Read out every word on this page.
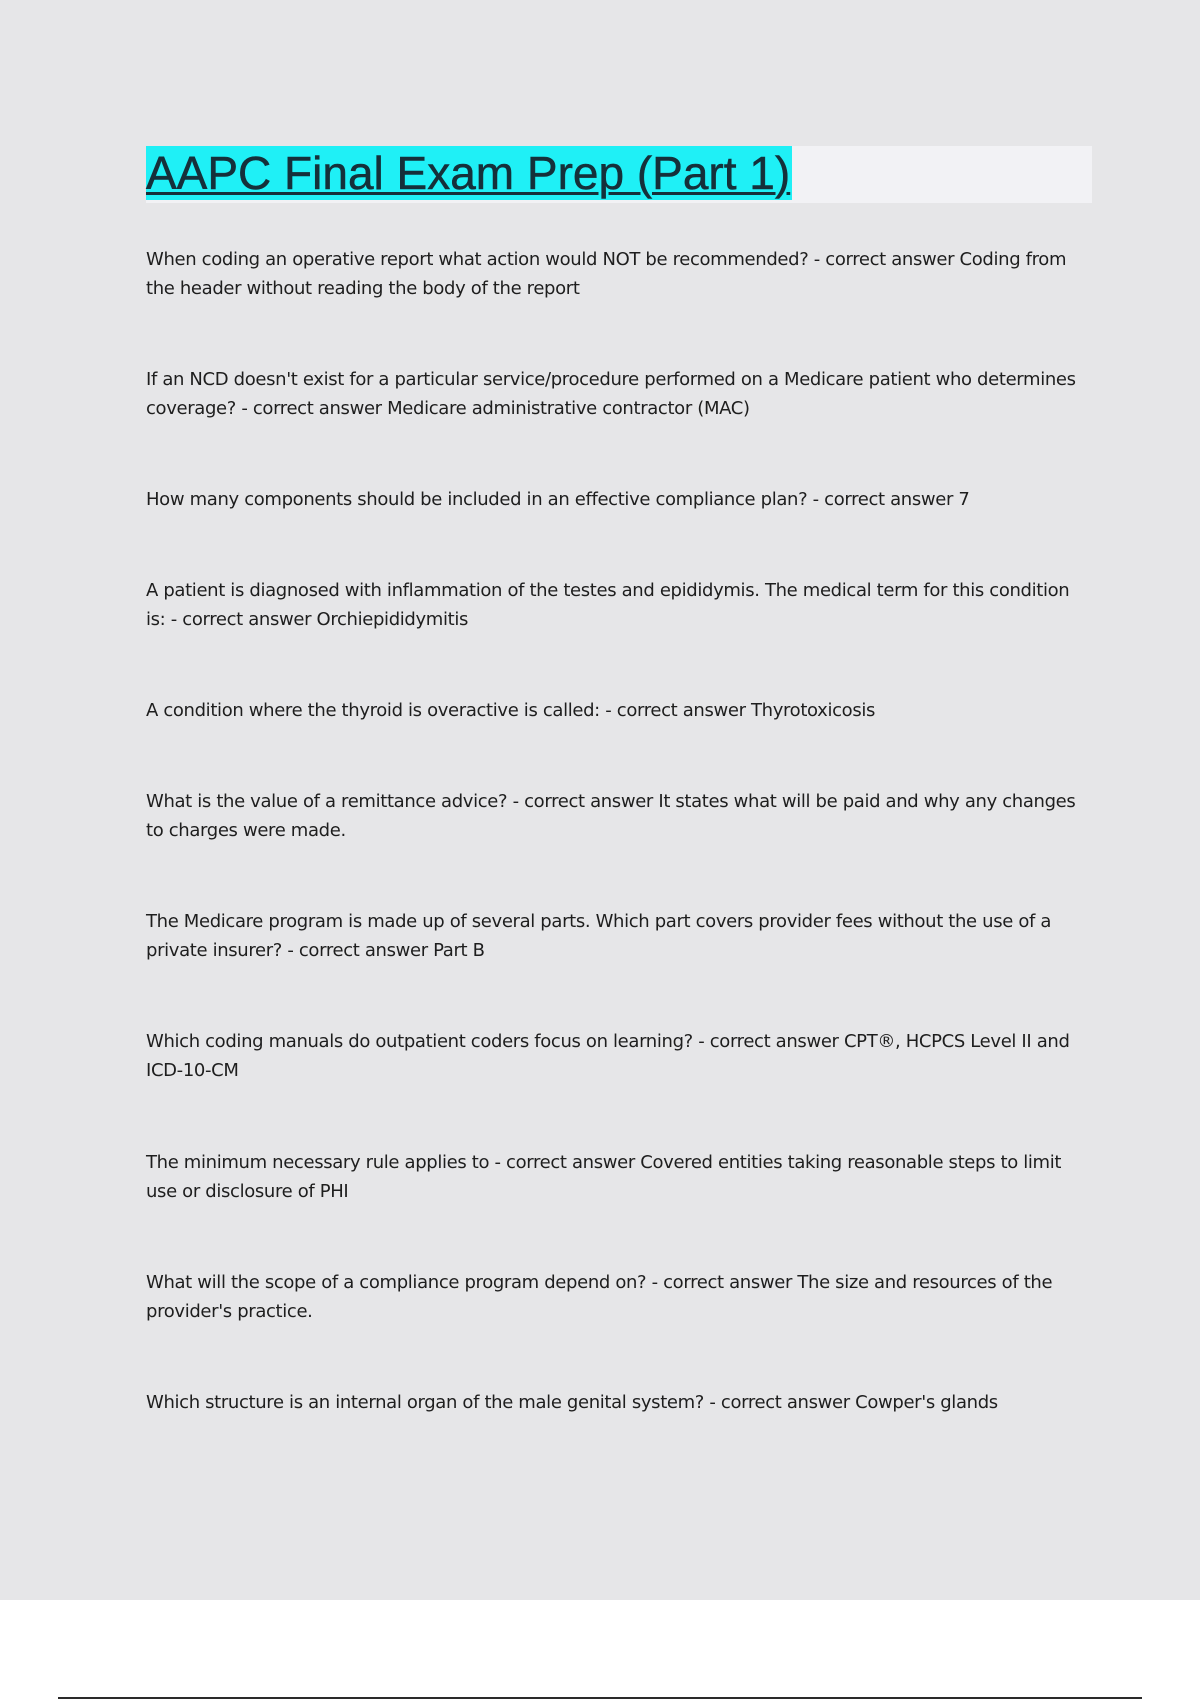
AAPC Final Exam Prep (Part 1)

When coding an operative report what action would NOT be recommended? - correct answer Coding from the header without reading the body of the report

If an NCD doesn't exist for a particular service/procedure performed on a Medicare patient who determines coverage? - correct answer Medicare administrative contractor (MAC)

How many components should be included in an effective compliance plan? - correct answer 7

A patient is diagnosed with inflammation of the testes and epididymis. The medical term for this condition is: - correct answer Orchiepididymitis

A condition where the thyroid is overactive is called: - correct answer Thyrotoxicosis

What is the value of a remittance advice? - correct answer It states what will be paid and why any changes to charges were made.

The Medicare program is made up of several parts. Which part covers provider fees without the use of a private insurer? - correct answer Part B

Which coding manuals do outpatient coders focus on learning? - correct answer CPT®, HCPCS Level II and ICD-10-CM

The minimum necessary rule applies to - correct answer Covered entities taking reasonable steps to limit use or disclosure of PHI

What will the scope of a compliance program depend on? - correct answer The size and resources of the provider's practice.

Which structure is an internal organ of the male genital system? - correct answer Cowper's glands
